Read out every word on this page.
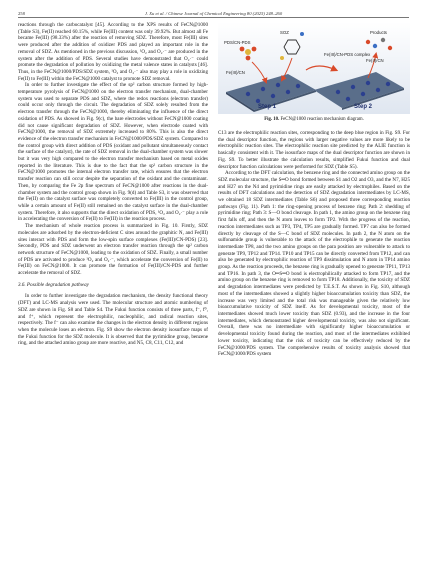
258	J. Xu et al. / Chinese Journal of Chemical Engineering 80 (2025) 248–260

reactions through the carbocatalyst [45]. According to the XPS results of FeCN@1000 (Table S3), Fe(II) reached 60.15%, while Fe(III) content was only 39.92%. But almost all Fe became Fe(III) (98.33%) after the reaction of removing SDZ. Therefore, most Fe(III) sites were produced after the addition of oxidizer PDS and played an important role in the removal of SDZ. As mentioned in the previous discussion, ¹O₂ and O₂·⁻ are produced in the system after the addition of PDS. Several studies have demonstrated that O₂·⁻ could promote the degradation of pollution by oxidizing the metal valence states in catalysts [46]. Thus, in the FeCN@1000/PDS/SDZ system, ¹O₂ and O₂·⁻ also may play a role in oxidizing Fe(II) to Fe(III) within the FeCN@1000 catalyst to promote SDZ removal.

In order to further investigate the effect of the sp² carbon structure formed by high-temperature pyrolysis of FeCN@1000 on the electron transfer mechanism, dual-chamber system was used to separate PDS and SDZ, where the redox reactions (electron transfer) could occur only through the circuit. The degradation of SDZ solely resulted from the electron transfer through the FeCN@1000, thereby eliminating the influence of the direct oxidation of PDS. As showed in Fig. 9(c), the bare electrodes without FeCN@1000 coating did not cause significant degradation of SDZ. However, when electrode coated with FeCN@1000, the removal of SDZ extremely increased to 80%. This is also the direct evidence of the electron transfer mechanism in FeCN@1000/PDS/SDZ system. Compared to the control group with direct addition of PDS (oxidant and pollutant simultaneously contact the surface of the catalyst), the rate of SDZ removal in the dual-chamber system was slower but it was very high compared to the electron transfer mechanism based on metal oxides reported in the literature. This is due to the fact that the sp² carbon structure in the FeCN@1000 promotes the internal electron transfer rate, which ensures that the electron transfer reaction can still occur despite the separation of the oxidant and the contaminant. Then, by comparing the Fe 2p fine spectrum of FeCN@1000 after reactions in the dual-chamber system and the control group shown in Fig. 9(d) and Table S3, it was observed that the Fe(II) on the catalyst surface was completely converted to Fe(III) in the control group, while a certain amount of Fe(II) still remained on the catalyst surface in the dual-chamber system. Therefore, it also supports that the direct oxidation of PDS, ¹O₂ and O₂·⁻ play a role in accelerating the conversion of Fe(II) to Fe(III) in the reaction process.

The mechanism of whole reaction process is summarized in Fig. 10. Firstly, SDZ molecules are adsorbed by the electron-deficient C sites around the graphitic N, and Fe(III) sites interact with PDS and form the low-spin surface complexes (Fe(III)/CN-PDS) [23]. Secondly, PDS and SDZ underwent an electron transfer reaction through the sp² carbon network structure of FeCN@1000, leading to the oxidation of SDZ. Finally, a small number of PDS are activated to produce ¹O₂ and O₂·⁻, which accelerate the conversion of Fe(II) to Fe(III) on FeCN@1000. It can promote the formation of Fe(III)/CN-PDS and further accelerate the removal of SDZ.

3.6. Possible degradation pathway

In order to further investigate the degradation mechanism, the density functional theory (DFT) and LC-MS analysis were used. The molecular structure and atomic numbering of SDZ are shown in Fig. S8 and Table S4. The Fukui function consists of three parts, f⁻, f⁰, and f⁺, which represent the electrophilic, nucleophilic, and radical reaction sites, respectively. The f⁻ can also examine the changes in the electron density in different regions when the molecule loses an electron. Fig. S9 show the electron density isosurface maps of the Fukui function for the SDZ molecule. It is observed that the pyrimidine group, benzene ring, and the attached amino group are more reactive, and N5, C8, C11, C12, and

PDS/CN-PDS
SOZ
Fe(III)/CN
Fe(III)/CN-PDS complex
Fe(II)/CN
Products
Step 1	Step 2
Fig. 10. FeCN@1000 reaction mechanism diagram.

C13 are the electrophilic reaction sites, corresponding to the deep blue region in Fig. S9. For the dual descriptor function, the regions with larger negative values are more likely to be electrophilic reaction sites. The electrophilic reaction site predicted by the ALIE function is basically consistent with it. The isosurface maps of the dual descriptor function are shown in Fig. S9. To better illustrate the calculation results, simplified Fukui function and dual descriptor function calculations were performed for SDZ (Table S5).

According to the DFT calculation, the benzene ring and the connected amino group on the SDZ molecular structure, the S═O bond formed between S1 and O2 and O3, and the N7, H25 and H27 on the N4 and pyrimidine rings are easily attacked by electrophiles. Based on the results of DFT calculations and the detection of SDZ degradation intermediates by LC-MS, we obtained 18 SDZ intermediates (Table S6) and proposed three corresponding reaction pathways (Fig. 11). Path 1: the ring-opening process of benzene ring; Path 2: shedding of pyrimidine ring; Path 3: S—O bond cleavage. In path 1, the amino group on the benzene ring first falls off, and then the N atom leaves to form TP2. With the progress of the reaction, reaction intermediates such as TP3, TP4, TP5 are gradually formed. TP7 can also be formed directly by cleavage of the S—C bond of SDZ molecules. In path 2, the N atom on the sulfonamide group is vulnerable to the attack of the electrophile to generate the reaction intermediate TP8, and the two amino groups on the para position are vulnerable to attack to generate TP9, TP12 and TP14. TP10 and TP15 can be directly converted from TP12, and can also be generated by electrophilic reaction of TP9 dissimulation and N atom in TP14 amino group. As the reaction proceeds, the benzene ring is gradually opened to generate TP11, TP13 and TP16. In path 3, the O═S═O bond is electrophilically attacked to form TP17, and the amino group on the benzene ring is removed to form TP18. Additionally, the toxicity of SDZ and degradation intermediates were predicted by T.E.S.T. As shown in Fig. S10, although most of the intermediates showed a slightly higher bioaccumulation toxicity than SDZ, the increase was very limited and the total risk was manageable given the relatively low bioaccumulative toxicity of SDZ itself. As for developmental toxicity, most of the intermediates showed much lower toxicity than SDZ (0.93), and the increase in the four intermediates, which demonstrated higher developmental toxicity, was also not significant. Overall, there was no intermediate with significantly higher bioaccumulation or developmental toxicity found during the reaction, and most of the intermediates exhibited lower toxicity, indicating that the risk of toxicity can be effectively reduced by the FeCN@1000/PDS system. The comprehensive results of toxicity analysis showed that FeCN@1000/PDS system
